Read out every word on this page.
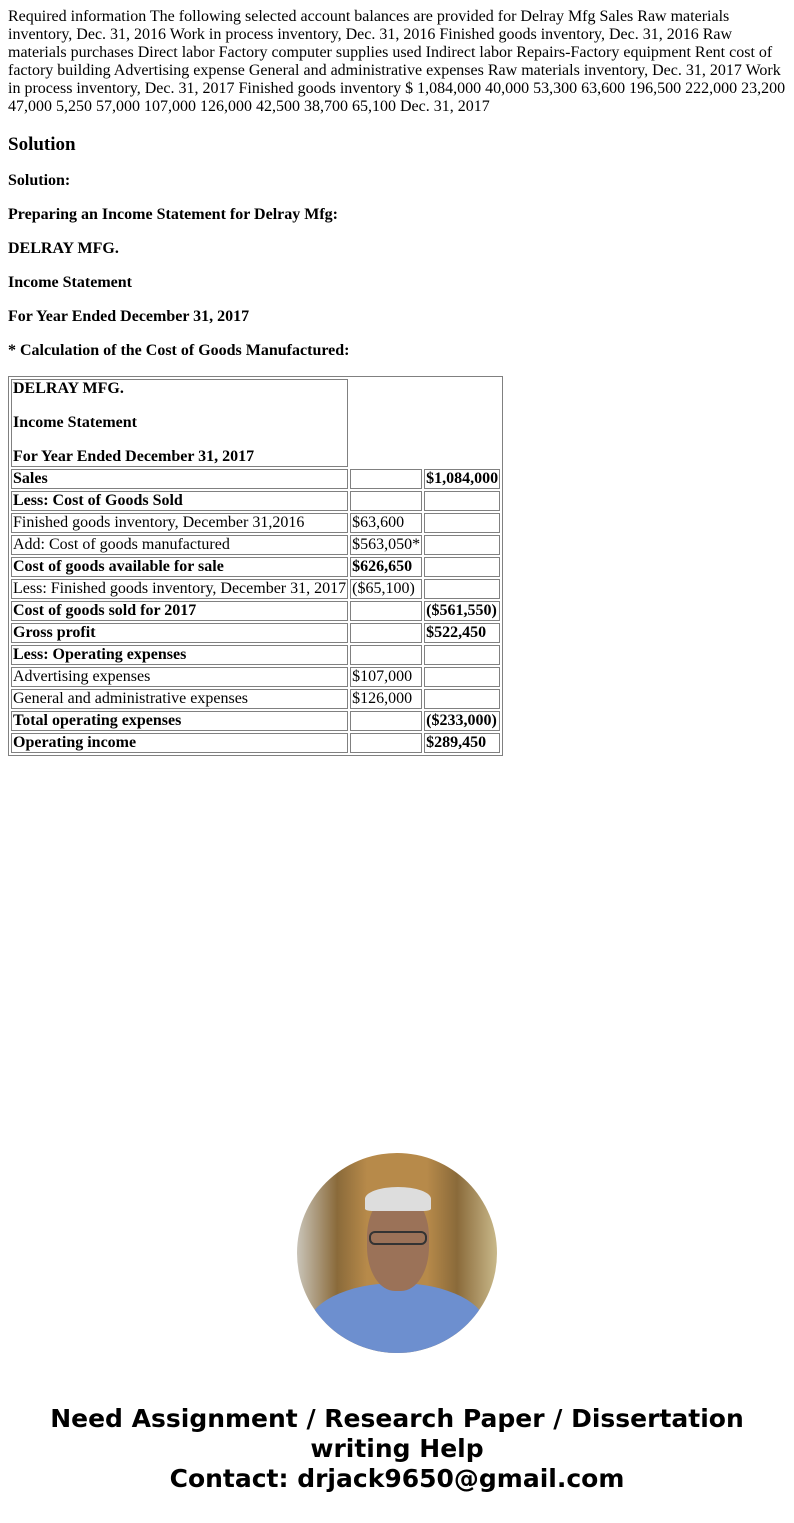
Required information The following selected account balances are provided for Delray Mfg Sales Raw materials inventory, Dec. 31, 2016 Work in process inventory, Dec. 31, 2016 Finished goods inventory, Dec. 31, 2016 Raw materials purchases Direct labor Factory computer supplies used Indirect labor Repairs-Factory equipment Rent cost of factory building Advertising expense General and administrative expenses Raw materials inventory, Dec. 31, 2017 Work in process inventory, Dec. 31, 2017 Finished goods inventory $ 1,084,000 40,000 53,300 63,600 196,500 222,000 23,200 47,000 5,250 57,000 107,000 126,000 42,500 38,700 65,100 Dec. 31, 2017

Solution

Solution:

Preparing an Income Statement for Delray Mfg:

DELRAY MFG.

Income Statement

For Year Ended December 31, 2017

* Calculation of the Cost of Goods Manufactured:

DELRAY MFG.

Income Statement

For Year Ended December 31, 2017		

Sales		$1,084,000
Less: Cost of Goods Sold		
Finished goods inventory, December 31,2016	$63,600	
Add: Cost of goods manufactured	$563,050*	
Cost of goods available for sale	$626,650	
Less: Finished goods inventory, December 31, 2017	($65,100)	
Cost of goods sold for 2017		($561,550)
Gross profit		$522,450
Less: Operating expenses		
Advertising expenses	$107,000	
General and administrative expenses	$126,000	
Total operating expenses		($233,000)
Operating income		$289,450
Need Assignment / Research Paper / Dissertation
writing Help
Contact: drjack9650@gmail.com
